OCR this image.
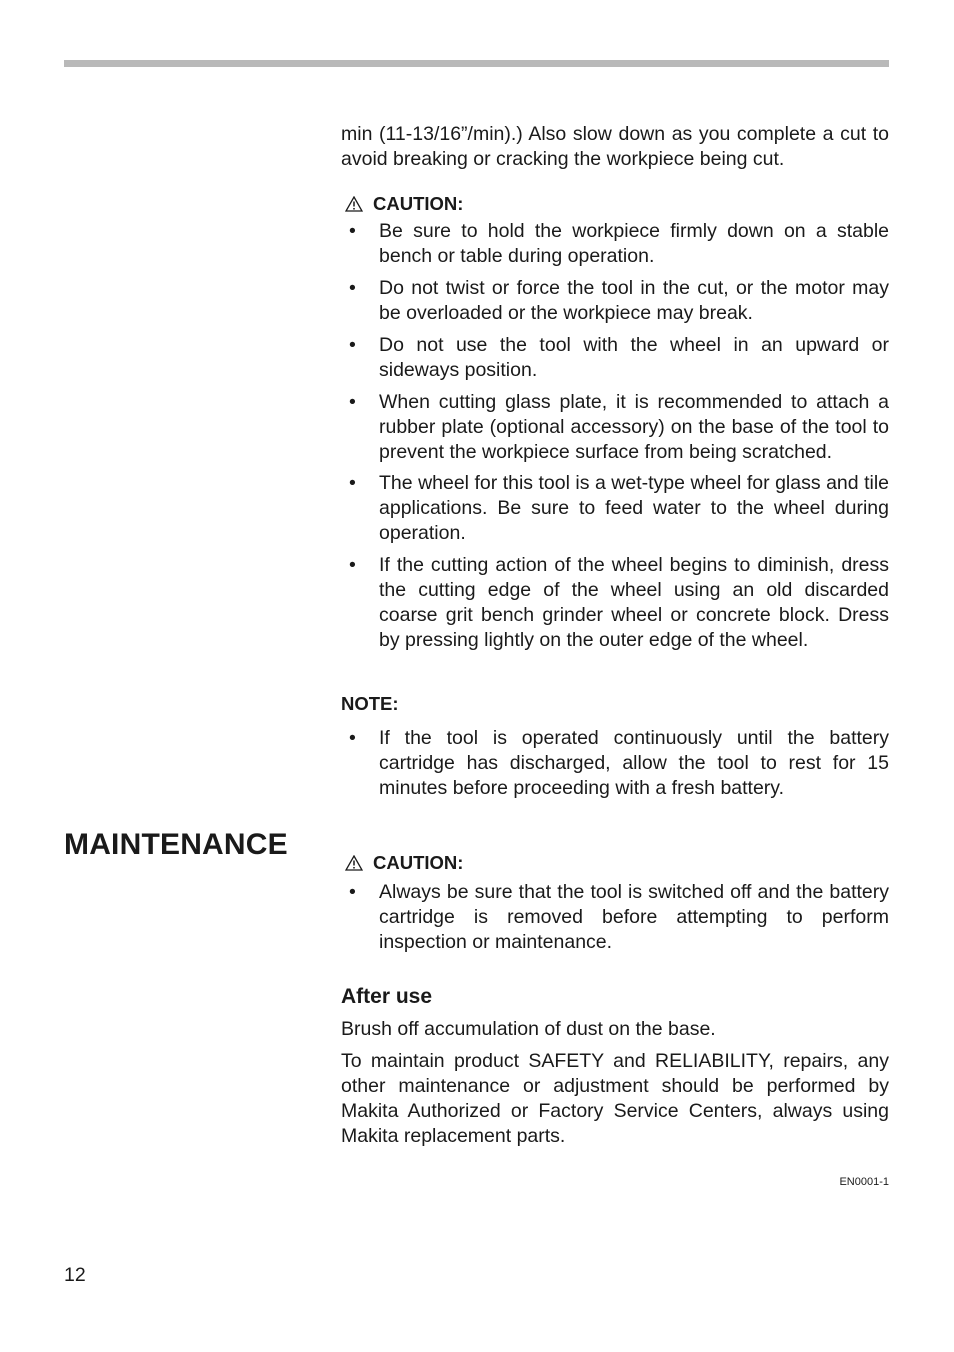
min (11-13/16”/min).) Also slow down as you complete a cut to avoid breaking or cracking the workpiece being cut.

CAUTION:
• Be sure to hold the workpiece firmly down on a stable bench or table during operation.
• Do not twist or force the tool in the cut, or the motor may be overloaded or the workpiece may break.
• Do not use the tool with the wheel in an upward or sideways position.
• When cutting glass plate, it is recommended to attach a rubber plate (optional accessory) on the base of the tool to prevent the workpiece surface from being scratched.
• The wheel for this tool is a wet-type wheel for glass and tile applications. Be sure to feed water to the wheel during operation.
• If the cutting action of the wheel begins to diminish, dress the cutting edge of the wheel using an old discarded coarse grit bench grinder wheel or concrete block. Dress by pressing lightly on the outer edge of the wheel.
NOTE:
• If the tool is operated continuously until the battery cartridge has discharged, allow the tool to rest for 15 minutes before proceeding with a fresh battery.
MAINTENANCE
CAUTION:
• Always be sure that the tool is switched off and the battery cartridge is removed before attempting to perform inspection or maintenance.
After use

Brush off accumulation of dust on the base.

To maintain product SAFETY and RELIABILITY, repairs, any other maintenance or adjustment should be performed by Makita Authorized or Factory Service Centers, always using Makita replacement parts.

EN0001-1
12
